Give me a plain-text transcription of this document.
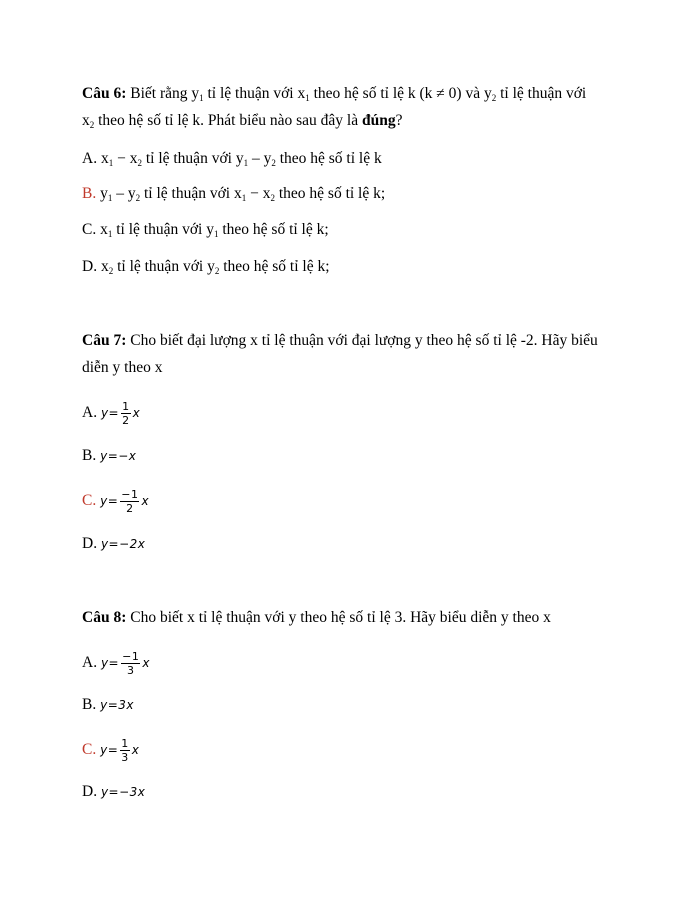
Câu 6: Biết rằng $y_1$ tỉ lệ thuận với $x_1$ theo hệ số tỉ lệ k (k ≠ 0) và $y_2$ tỉ lệ thuận với
$x_2$ theo hệ số tỉ lệ k. Phát biểu nào sau đây là đúng?
A. $x_1 - x_2$ tỉ lệ thuận với $y_1 - y_2$ theo hệ số tỉ lệ k
B. $y_1 - y_2$ tỉ lệ thuận với $x_1 - x_2$ theo hệ số tỉ lệ k;
C. $x_1$ tỉ lệ thuận với $y_1$ theo hệ số tỉ lệ k;
D. $x_2$ tỉ lệ thuận với $y_2$ theo hệ số tỉ lệ k;
Câu 7: Cho biết đại lượng x tỉ lệ thuận với đại lượng y theo hệ số tỉ lệ -2. Hãy biểu
diễn y theo x
A. $y= \frac{1}{2}$ x
B. y=−x
C. $y= \frac{-1}{2}$ x
D. y=−2x
Câu 8: Cho biết x tỉ lệ thuận với y theo hệ số tỉ lệ 3. Hãy biểu diễn y theo x
A. $y= \frac{-1}{3}$ x
B. y=3x
C. $y= \frac{1}{3}$ x
D. y=−3x
